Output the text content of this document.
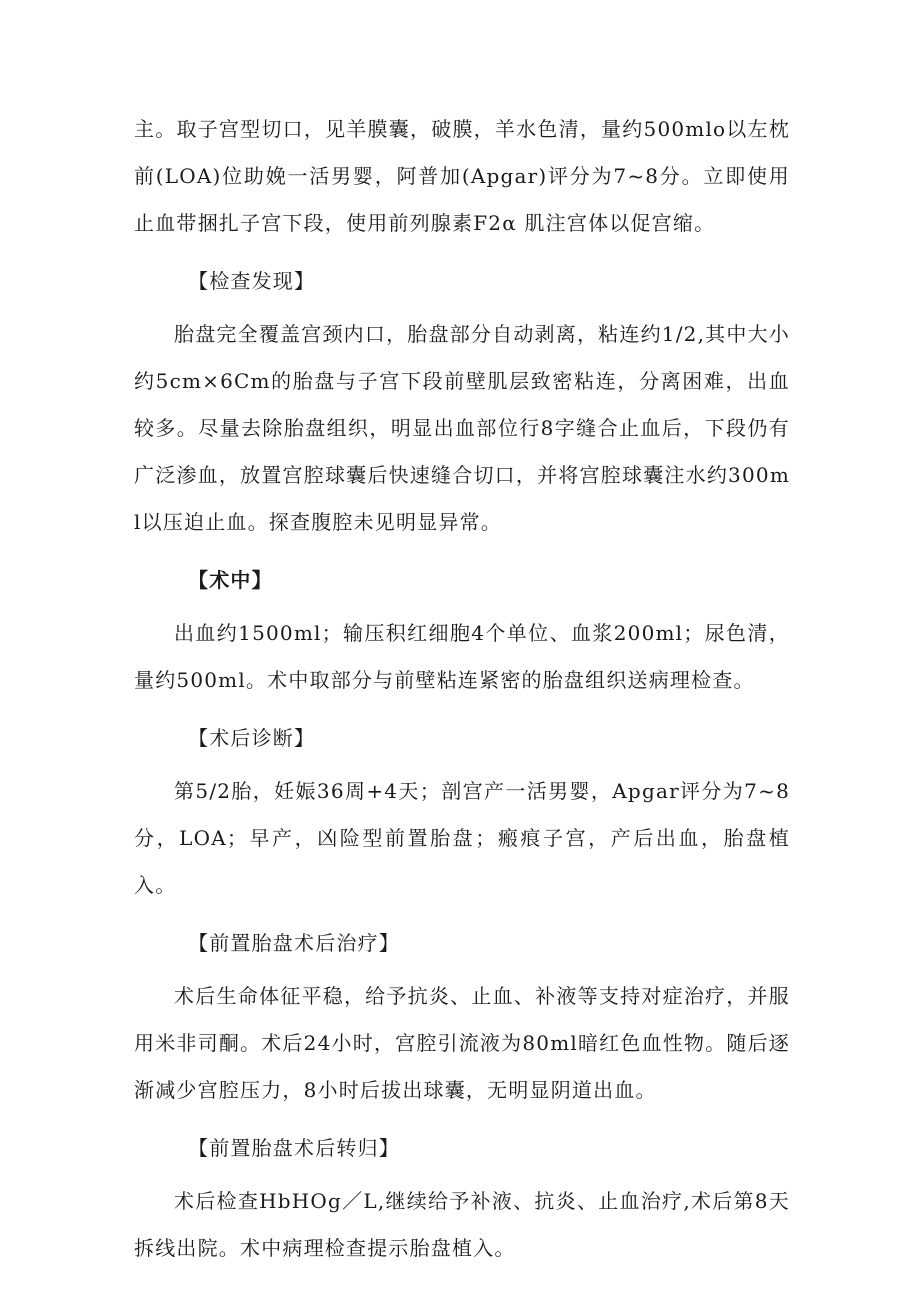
主。取子宫型切口，见羊膜囊，破膜，羊水色清，量约500mlo以左枕前(LOA)位助娩一活男婴，阿普加(Apgar)评分为7~8分。立即使用止血带捆扎子宫下段，使用前列腺素F2α 肌注宫体以促宫缩。

【检查发现】

胎盘完全覆盖宫颈内口，胎盘部分自动剥离，粘连约1/2,其中大小约5cm×6Cm的胎盘与子宫下段前壁肌层致密粘连，分离困难，出血较多。尽量去除胎盘组织，明显出血部位行8字缝合止血后，下段仍有广泛渗血，放置宫腔球囊后快速缝合切口，并将宫腔球囊注水约300ml以压迫止血。探查腹腔未见明显异常。

【术中】

出血约1500ml；输压积红细胞4个单位、血浆200ml；尿色清，量约500ml。术中取部分与前壁粘连紧密的胎盘组织送病理检查。

【术后诊断】

第5/2胎，妊娠36周+4天；剖宫产一活男婴，Apgar评分为7~8分，LOA；早产，凶险型前置胎盘；瘢痕子宫，产后出血，胎盘植入。

【前置胎盘术后治疗】

术后生命体征平稳，给予抗炎、止血、补液等支持对症治疗，并服用米非司酮。术后24小时，宫腔引流液为80ml暗红色血性物。随后逐渐减少宫腔压力，8小时后拔出球囊，无明显阴道出血。

【前置胎盘术后转归】

术后检查HbHOg／L,继续给予补液、抗炎、止血治疗,术后第8天拆线出院。术中病理检查提示胎盘植入。
